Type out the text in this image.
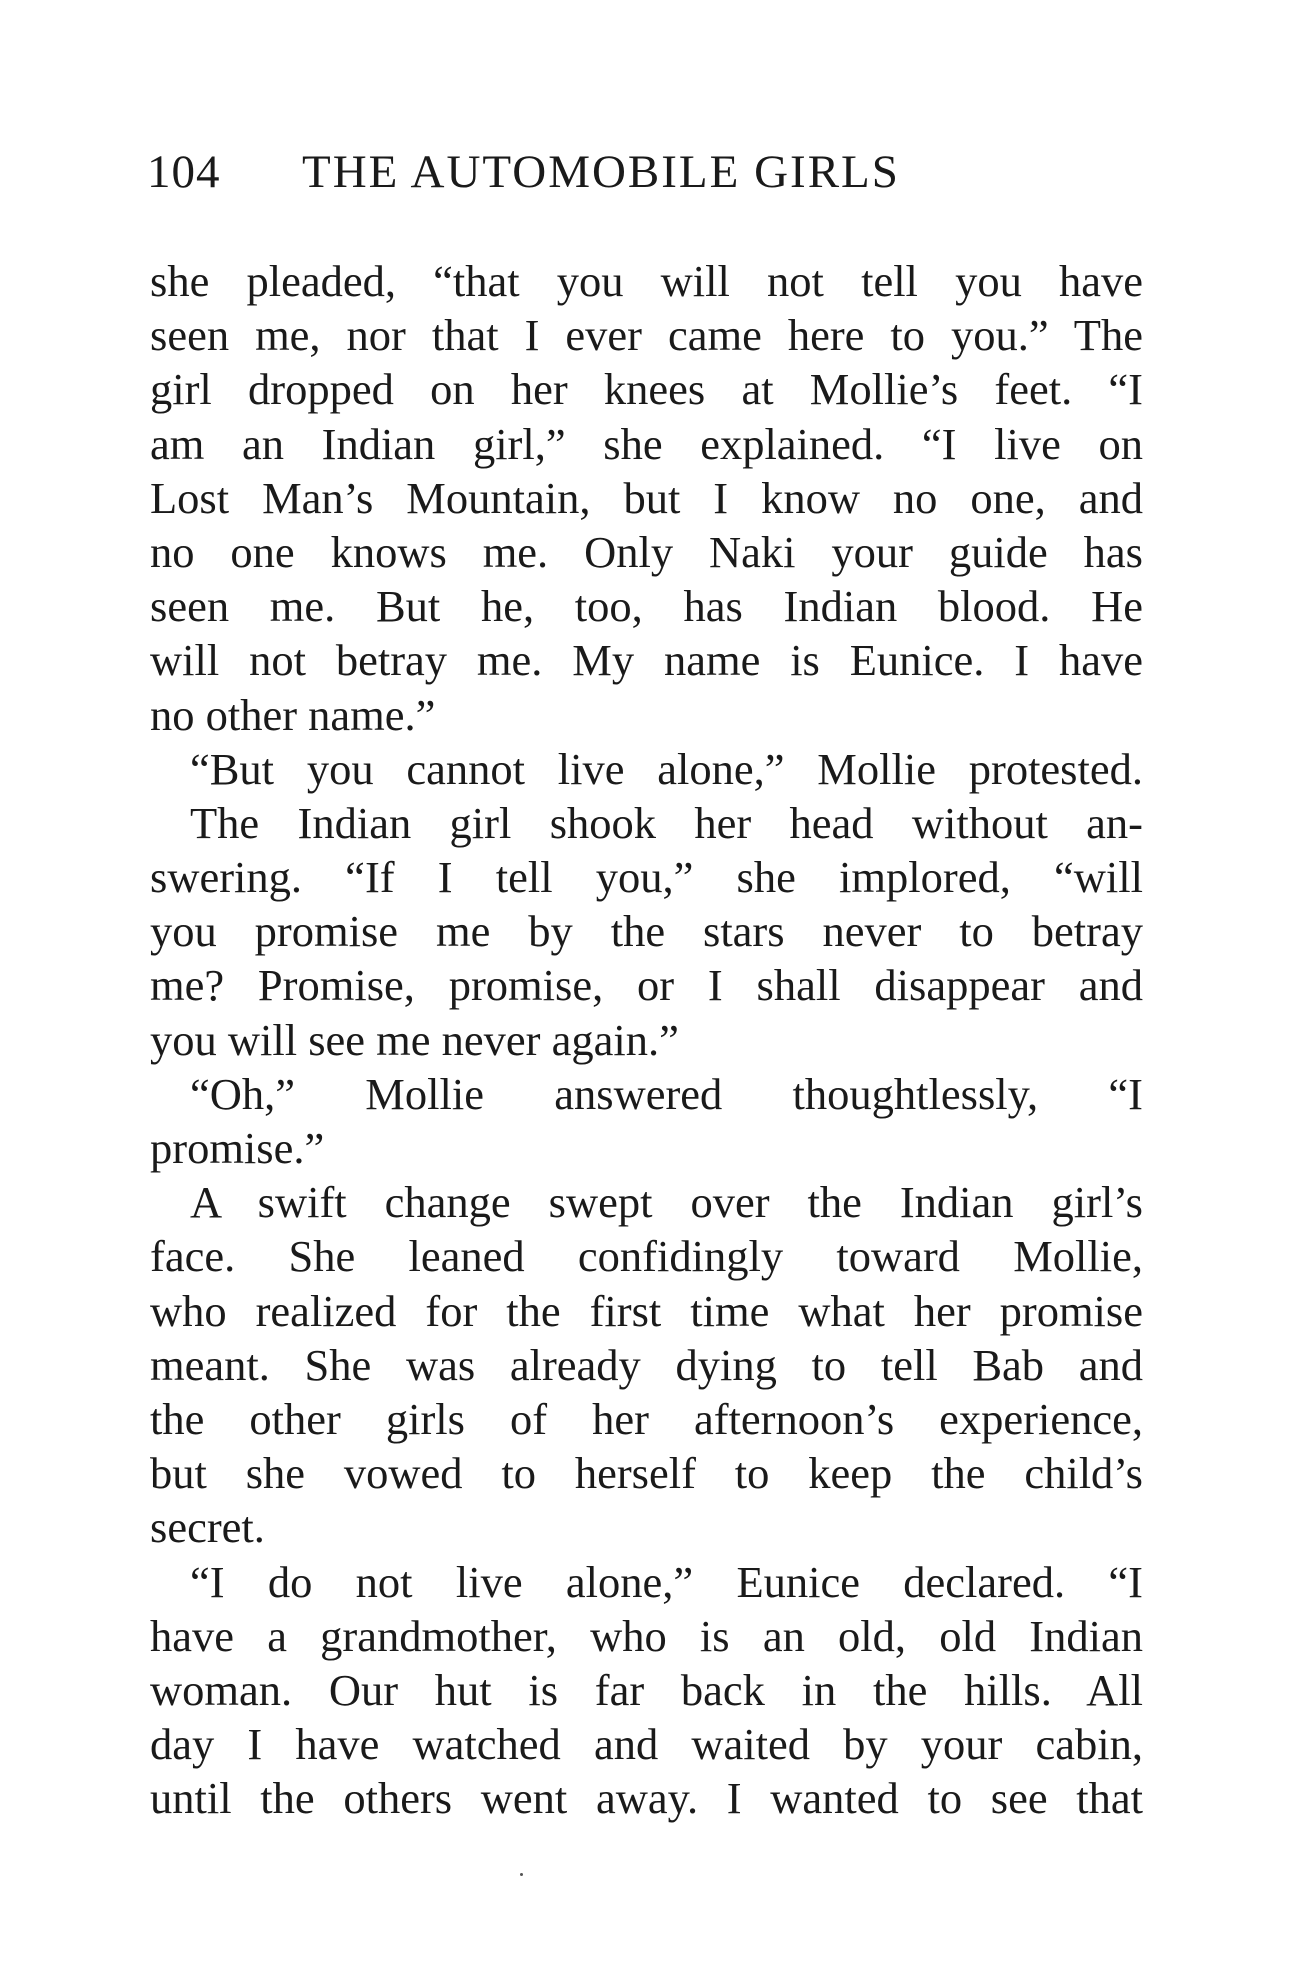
104 THE AUTOMOBILE GIRLS
she pleaded, “that you will not tell you have
seen me, nor that I ever came here to you.” The
girl dropped on her knees at Mollie’s feet. “I
am an Indian girl,” she explained. “I live on
Lost Man’s Mountain, but I know no one, and
no one knows me. Only Naki your guide has
seen me. But he, too, has Indian blood. He
will not betray me. My name is Eunice. I have
no other name.”
“But you cannot live alone,” Mollie protested.
The Indian girl shook her head without an-
swering. “If I tell you,” she implored, “will
you promise me by the stars never to betray
me? Promise, promise, or I shall disappear and
you will see me never again.”
“Oh,” Mollie answered thoughtlessly, “I
promise.”
A swift change swept over the Indian girl’s
face. She leaned confidingly toward Mollie,
who realized for the first time what her promise
meant. She was already dying to tell Bab and
the other girls of her afternoon’s experience,
but she vowed to herself to keep the child’s
secret.
“I do not live alone,” Eunice declared. “I
have a grandmother, who is an old, old Indian
woman. Our hut is far back in the hills. All
day I have watched and waited by your cabin,
until the others went away. I wanted to see that
